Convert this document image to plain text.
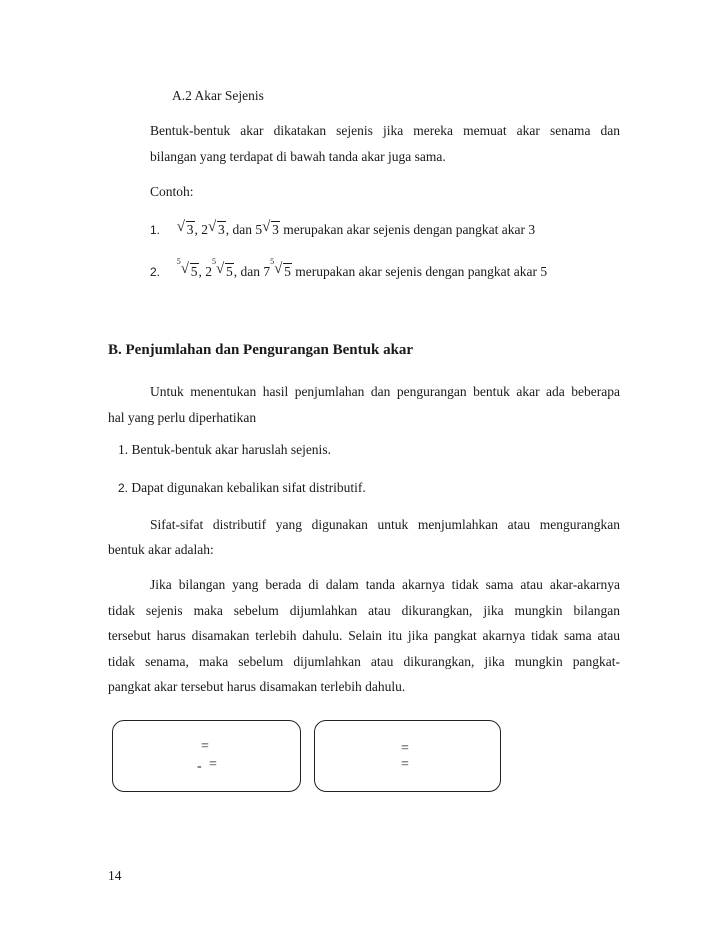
A.2 Akar Sejenis
Bentuk-bentuk akar dikatakan sejenis jika mereka memuat akar senama dan
bilangan yang terdapat di bawah tanda akar juga sama.
Contoh:
1. √ 3, 2 √ 3, dan 5 √ 3 merupakan akar sejenis dengan pangkat akar 3
2.
5 √ 5, 2
5 √ 5, dan 7
5 √ 5 merupakan akar sejenis dengan pangkat akar 5
B. Penjumlahan dan Pengurangan Bentuk akar
Untuk menentukan hasil penjumlahan dan pengurangan bentuk akar ada beberapa
hal yang perlu diperhatikan
1. Bentuk-bentuk akar haruslah sejenis.
2. Dapat digunakan kebalikan sifat distributif.
Sifat-sifat distributif yang digunakan untuk menjumlahkan atau mengurangkan
bentuk akar adalah:
Jika bilangan yang berada di dalam tanda akarnya tidak sama atau akar-akarnya
tidak sejenis maka sebelum dijumlahkan atau dikurangkan, jika mungkin bilangan
tersebut harus disamakan terlebih dahulu. Selain itu jika pangkat akarnya tidak sama atau
tidak senama, maka sebelum dijumlahkan atau dikurangkan, jika mungkin pangkat-
pangkat akar tersebut harus disamakan terlebih dahulu.
=
- =
=
=
14
